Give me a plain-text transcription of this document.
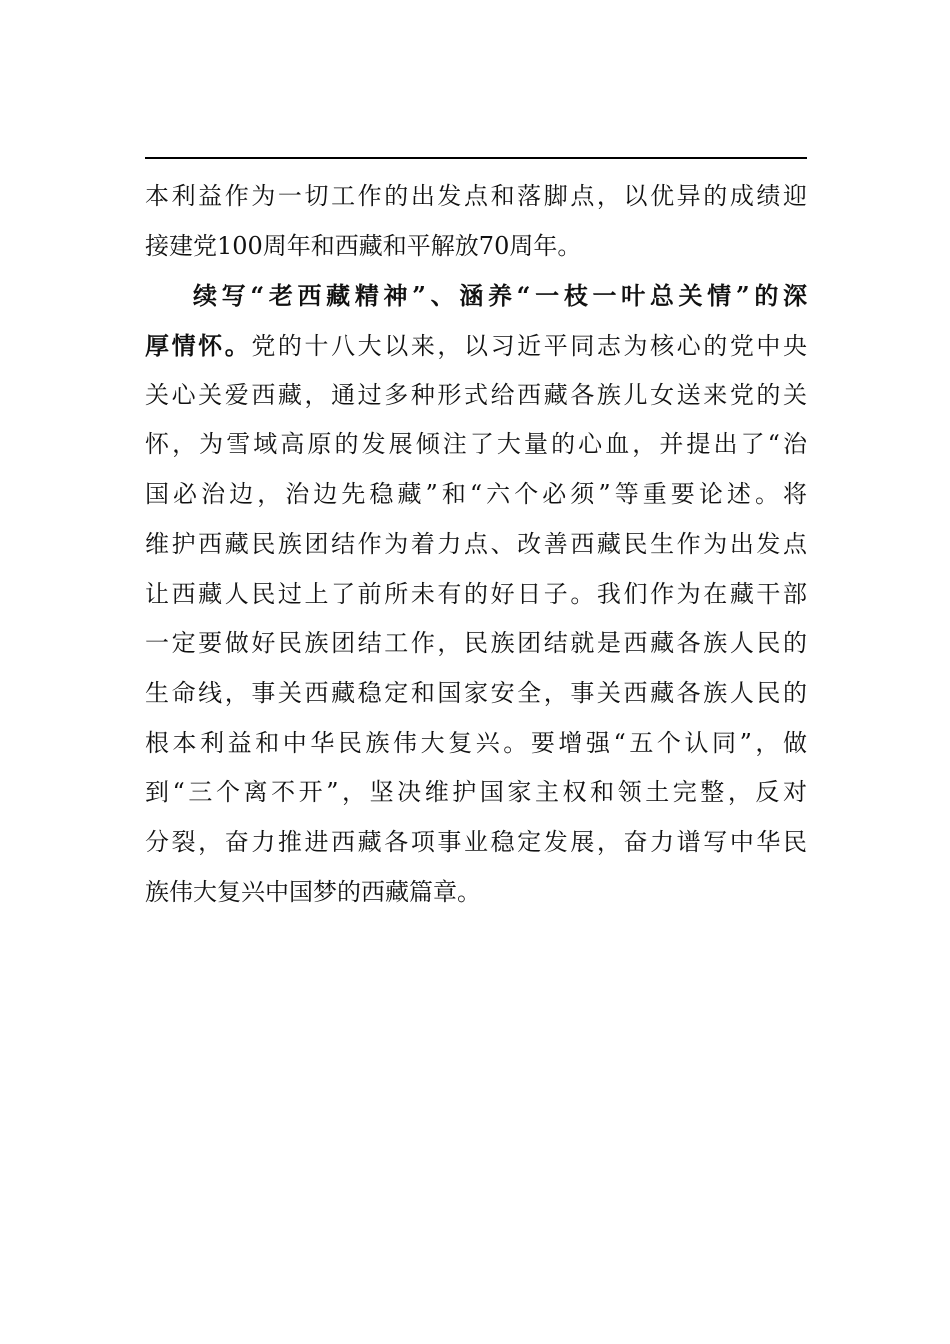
本利益作为一切工作的出发点和落脚点，以优异的成绩迎
接建党100周年和西藏和平解放70周年。
续写“老西藏精神”、涵养“一枝一叶总关情”的深
厚情怀。党的十八大以来，以习近平同志为核心的党中央
关心关爱西藏，通过多种形式给西藏各族儿女送来党的关
怀，为雪域高原的发展倾注了大量的心血，并提出了“治
国必治边，治边先稳藏”和“六个必须”等重要论述。将
维护西藏民族团结作为着力点、改善西藏民生作为出发点
让西藏人民过上了前所未有的好日子。我们作为在藏干部
一定要做好民族团结工作，民族团结就是西藏各族人民的
生命线，事关西藏稳定和国家安全，事关西藏各族人民的
根本利益和中华民族伟大复兴。要增强“五个认同”，做
到“三个离不开”，坚决维护国家主权和领土完整，反对
分裂，奋力推进西藏各项事业稳定发展，奋力谱写中华民
族伟大复兴中国梦的西藏篇章。
